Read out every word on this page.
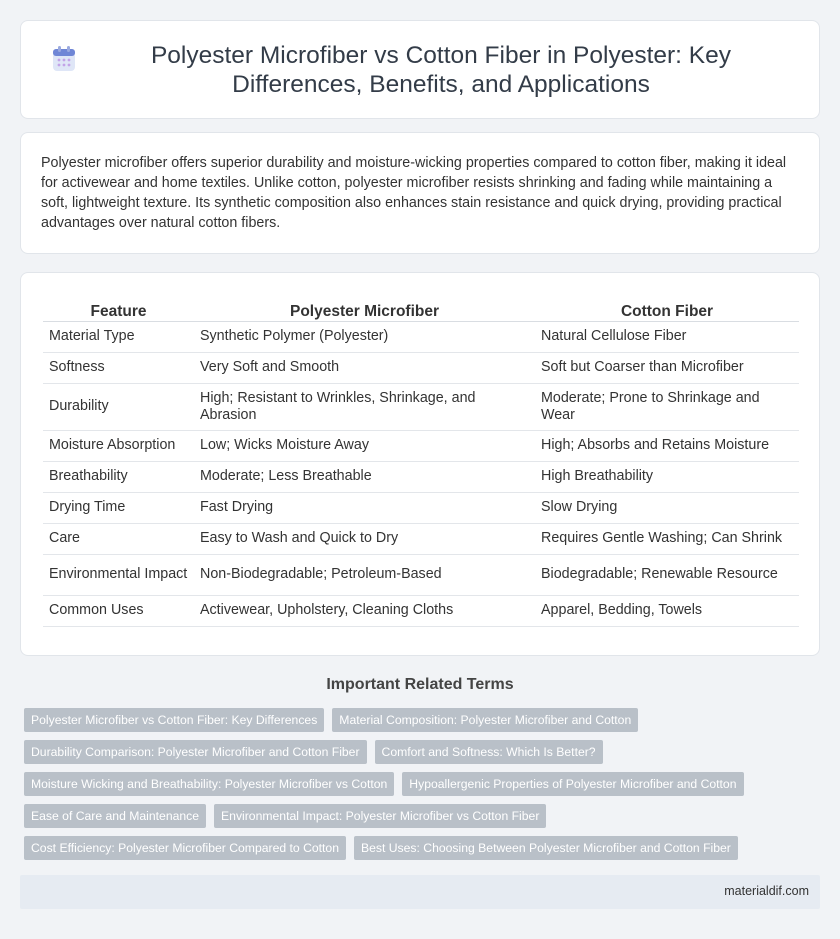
Polyester Microfiber vs Cotton Fiber in Polyester: Key Differences, Benefits, and Applications

Polyester microfiber offers superior durability and moisture-wicking properties compared to cotton fiber, making it ideal for activewear and home textiles. Unlike cotton, polyester microfiber resists shrinking and fading while maintaining a soft, lightweight texture. Its synthetic composition also enhances stain resistance and quick drying, providing practical advantages over natural cotton fibers.

Feature	Polyester Microfiber	Cotton Fiber
Material Type	Synthetic Polymer (Polyester)	Natural Cellulose Fiber
Softness	Very Soft and Smooth	Soft but Coarser than Microfiber
Durability	High; Resistant to Wrinkles, Shrinkage, and Abrasion	Moderate; Prone to Shrinkage and Wear
Moisture Absorption	Low; Wicks Moisture Away	High; Absorbs and Retains Moisture
Breathability	Moderate; Less Breathable	High Breathability
Drying Time	Fast Drying	Slow Drying
Care	Easy to Wash and Quick to Dry	Requires Gentle Washing; Can Shrink
Environmental Impact	Non-Biodegradable; Petroleum-Based	Biodegradable; Renewable Resource
Common Uses	Activewear, Upholstery, Cleaning Cloths	Apparel, Bedding, Towels
Important Related Terms
Polyester Microfiber vs Cotton Fiber: Key Differences	Material Composition: Polyester Microfiber and Cotton
Durability Comparison: Polyester Microfiber and Cotton Fiber	Comfort and Softness: Which Is Better?
Moisture Wicking and Breathability: Polyester Microfiber vs Cotton	Hypoallergenic Properties of Polyester Microfiber and Cotton
Ease of Care and Maintenance	Environmental Impact: Polyester Microfiber vs Cotton Fiber
Cost Efficiency: Polyester Microfiber Compared to Cotton	Best Uses: Choosing Between Polyester Microfiber and Cotton Fiber
materialdif.com
